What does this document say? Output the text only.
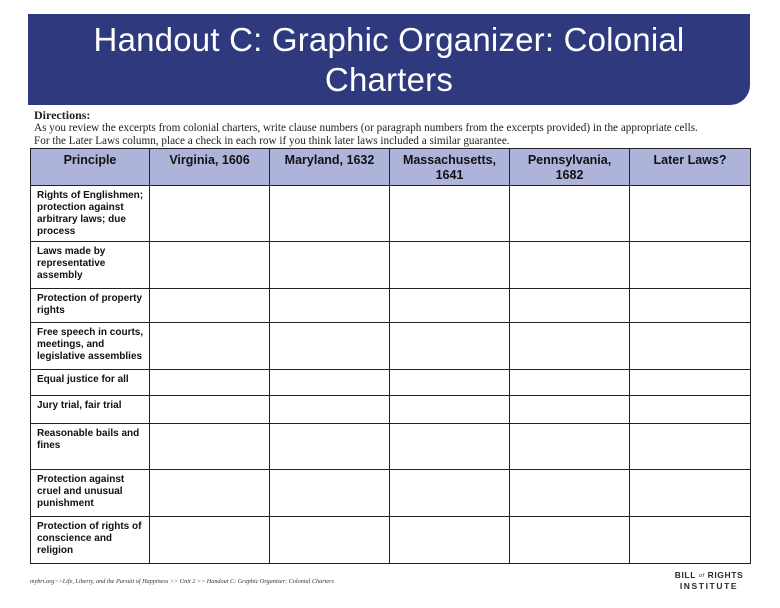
Handout C: Graphic Organizer: Colonial Charters
Directions:
As you review the excerpts from colonial charters, write clause numbers (or paragraph numbers from the excerpts provided) in the appropriate cells.
For the Later Laws column, place a check in each row if you think later laws included a similar guarantee.
Principle	Virginia, 1606	Maryland, 1632	Massachusetts, 1641	Pennsylvania, 1682	Later Laws?
Rights of Englishmen; protection against arbitrary laws; due process					
Laws made by representative assembly					
Protection of property rights					
Free speech in courts, meetings, and legislative assemblies					
Equal justice for all					
Jury trial, fair trial					
Reasonable bails and fines					
Protection against cruel and unusual punishment					
Protection of rights of conscience and religion					
mybri.org>>Life, Liberty, and the Pursuit of Happiness >> Unit 2 >> Handout C: Graphic Organizer: Colonial Charters
BILL of RIGHTS
INSTITUTE
